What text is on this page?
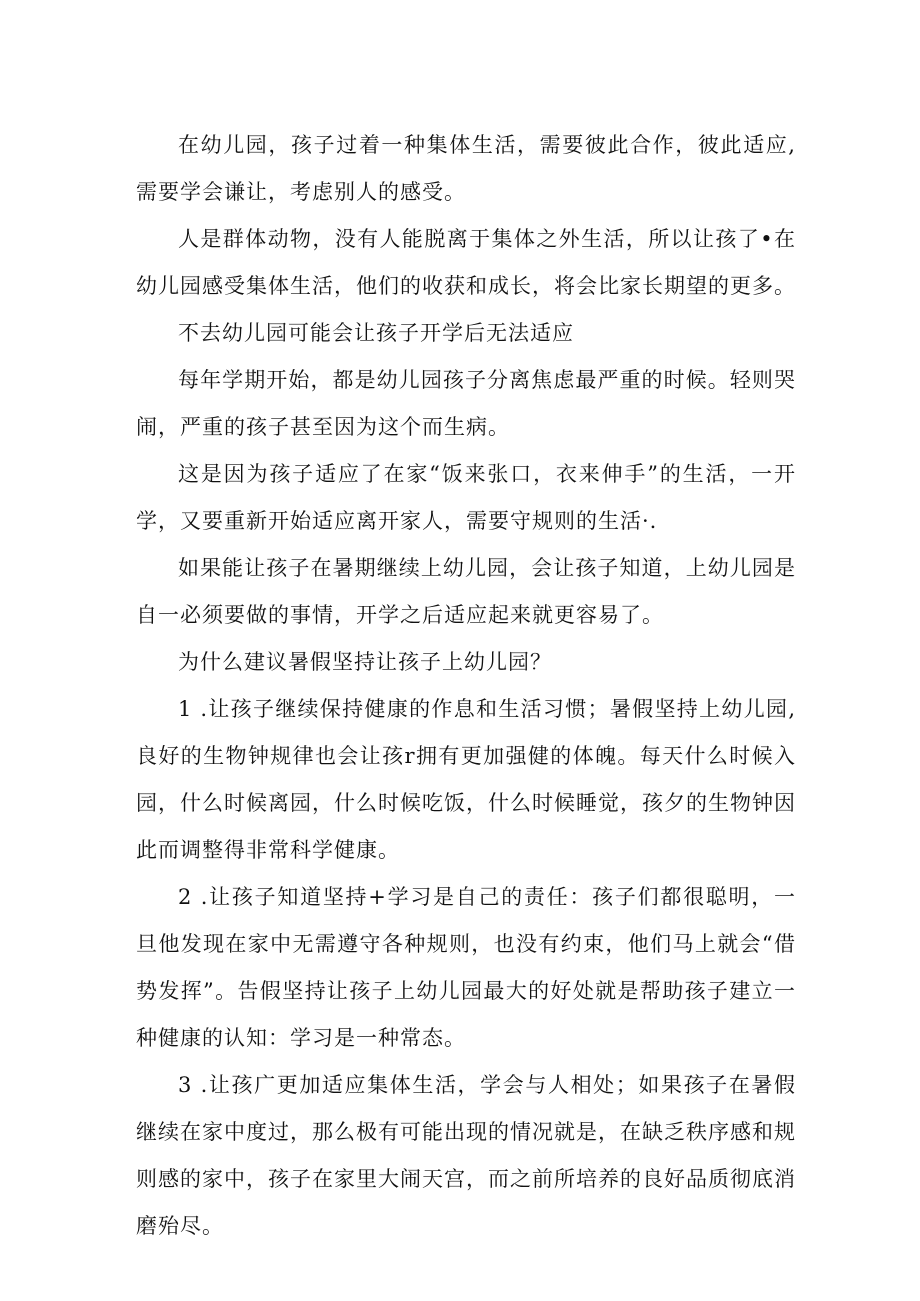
在幼儿园，孩子过着一种集体生活，需要彼此合作，彼此适应,需要学会谦让，考虑别人的感受。

人是群体动物，没有人能脱离于集体之外生活，所以让孩了•在幼儿园感受集体生活，他们的收获和成长，将会比家长期望的更多。

不去幼儿园可能会让孩子开学后无法适应

每年学期开始，都是幼儿园孩子分离焦虑最严重的时候。轻则哭闹，严重的孩子甚至因为这个而生病。

这是因为孩子适应了在家“饭来张口，衣来伸手”的生活，一开学，又要重新开始适应离开家人，需要守规则的生活·.

如果能让孩子在暑期继续上幼儿园，会让孩子知道，上幼儿园是自一必须要做的事情，开学之后适应起来就更容易了。

为什么建议暑假坚持让孩子上幼儿园？

1 .让孩子继续保持健康的作息和生活习惯；暑假坚持上幼儿园,良好的生物钟规律也会让孩r拥有更加强健的体魄。每天什么时候入园，什么时候离园，什么时候吃饭，什么时候睡觉，孩夕的生物钟因此而调整得非常科学健康。

2 .让孩子知道坚持+学习是自己的责任：孩子们都很聪明，一旦他发现在家中无需遵守各种规则，也没有约束，他们马上就会“借势发挥”。告假坚持让孩子上幼儿园最大的好处就是帮助孩子建立一种健康的认知：学习是一种常态。

3 .让孩广更加适应集体生活，学会与人相处；如果孩子在暑假继续在家中度过，那么极有可能出现的情况就是，在缺乏秩序感和规则感的家中，孩子在家里大闹天宫，而之前所培养的良好品质彻底消磨殆尽。
